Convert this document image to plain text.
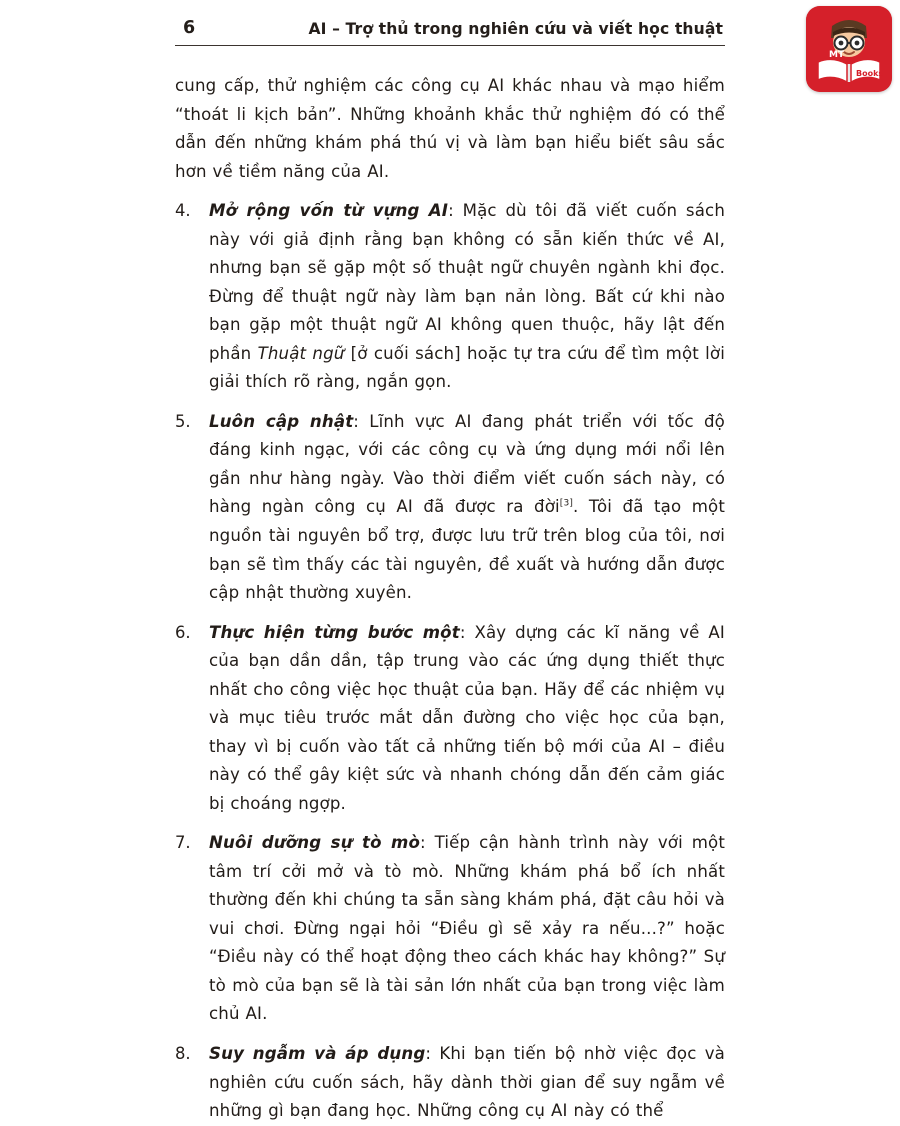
6	AI – Trợ thủ trong nghiên cứu và viết học thuật

cung cấp, thử nghiệm các công cụ AI khác nhau và mạo hiểm “thoát li kịch bản”. Những khoảnh khắc thử nghiệm đó có thể dẫn đến những khám phá thú vị và làm bạn hiểu biết sâu sắc hơn về tiềm năng của AI.

4.	Mở rộng vốn từ vựng AI: Mặc dù tôi đã viết cuốn sách này với giả định rằng bạn không có sẵn kiến thức về AI, nhưng bạn sẽ gặp một số thuật ngữ chuyên ngành khi đọc. Đừng để thuật ngữ này làm bạn nản lòng. Bất cứ khi nào bạn gặp một thuật ngữ AI không quen thuộc, hãy lật đến phần Thuật ngữ [ở cuối sách] hoặc tự tra cứu để tìm một lời giải thích rõ ràng, ngắn gọn.
5.	Luôn cập nhật: Lĩnh vực AI đang phát triển với tốc độ đáng kinh ngạc, với các công cụ và ứng dụng mới nổi lên gần như hàng ngày. Vào thời điểm viết cuốn sách này, có hàng ngàn công cụ AI đã được ra đời[3]. Tôi đã tạo một nguồn tài nguyên bổ trợ, được lưu trữ trên blog của tôi, nơi bạn sẽ tìm thấy các tài nguyên, đề xuất và hướng dẫn được cập nhật thường xuyên.
6.	Thực hiện từng bước một: Xây dựng các kĩ năng về AI của bạn dần dần, tập trung vào các ứng dụng thiết thực nhất cho công việc học thuật của bạn. Hãy để các nhiệm vụ và mục tiêu trước mắt dẫn đường cho việc học của bạn, thay vì bị cuốn vào tất cả những tiến bộ mới của AI – điều này có thể gây kiệt sức và nhanh chóng dẫn đến cảm giác bị choáng ngợp.
7.	Nuôi dưỡng sự tò mò: Tiếp cận hành trình này với một tâm trí cởi mở và tò mò. Những khám phá bổ ích nhất thường đến khi chúng ta sẵn sàng khám phá, đặt câu hỏi và vui chơi. Đừng ngại hỏi “Điều gì sẽ xảy ra nếu...?” hoặc “Điều này có thể hoạt động theo cách khác hay không?” Sự tò mò của bạn sẽ là tài sản lớn nhất của bạn trong việc làm chủ AI.
8.	Suy ngẫm và áp dụng: Khi bạn tiến bộ nhờ việc đọc và nghiên cứu cuốn sách, hãy dành thời gian để suy ngẫm về những gì bạn đang học. Những công cụ AI này có thể
MT
Books
